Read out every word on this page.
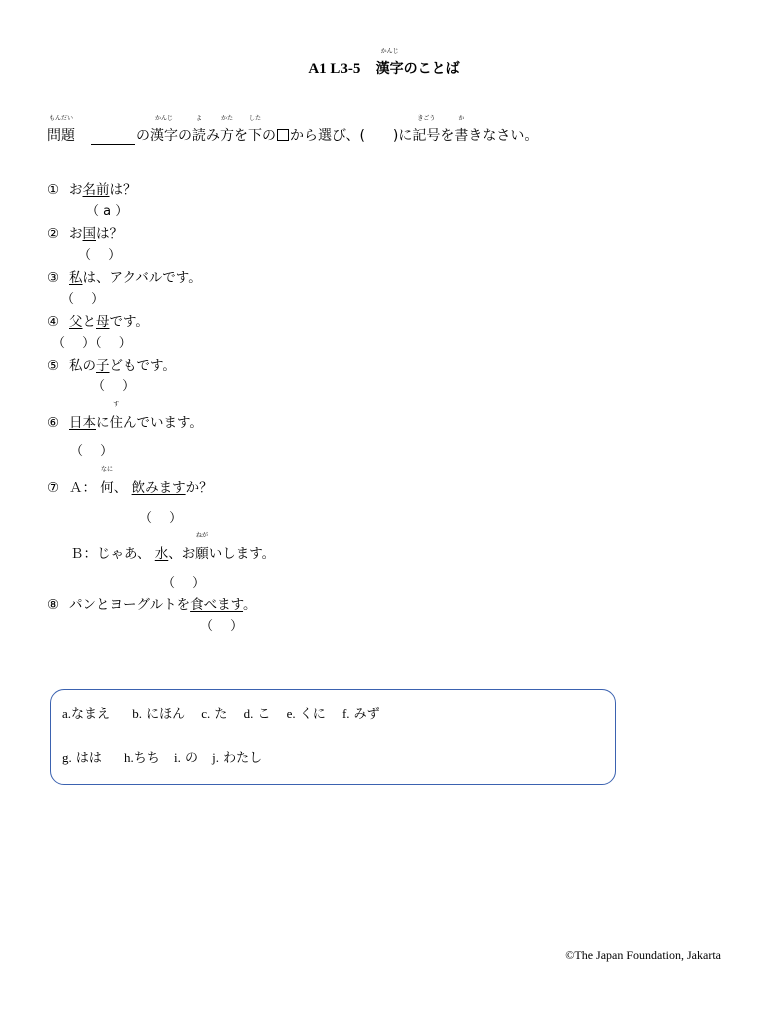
A1 L3-5
かんじ
漢字のことば
もんだい
問題	の
かんじ
漢字の
よ
読み
かた
方を
した
下の から選び、(　　)に
きごう
記号を
か
書きなさい。
① お名前は？
（ a ）
② お国は？
（　 ）
③ 私は、アクバルです。
（　 ）
④ 父と母です。
（　 ）（　 ）
⑤ 私の子どもです。
（　 ）
⑥ 日本に
す
住んでいます。
（　 ）
⑦ Ａ：
なに
何、 飲みますか？
（　 ）
Ｂ：じゃあ、 水、お
ねが
願いします。
（　 ）
⑧ パンとヨーグルトを食べます。
（　 ）
a.なまえ b. にほん c. た d. こ e. くに f. みず
g. はは h.ちち i. の j. わたし
©The Japan Foundation, Jakarta
